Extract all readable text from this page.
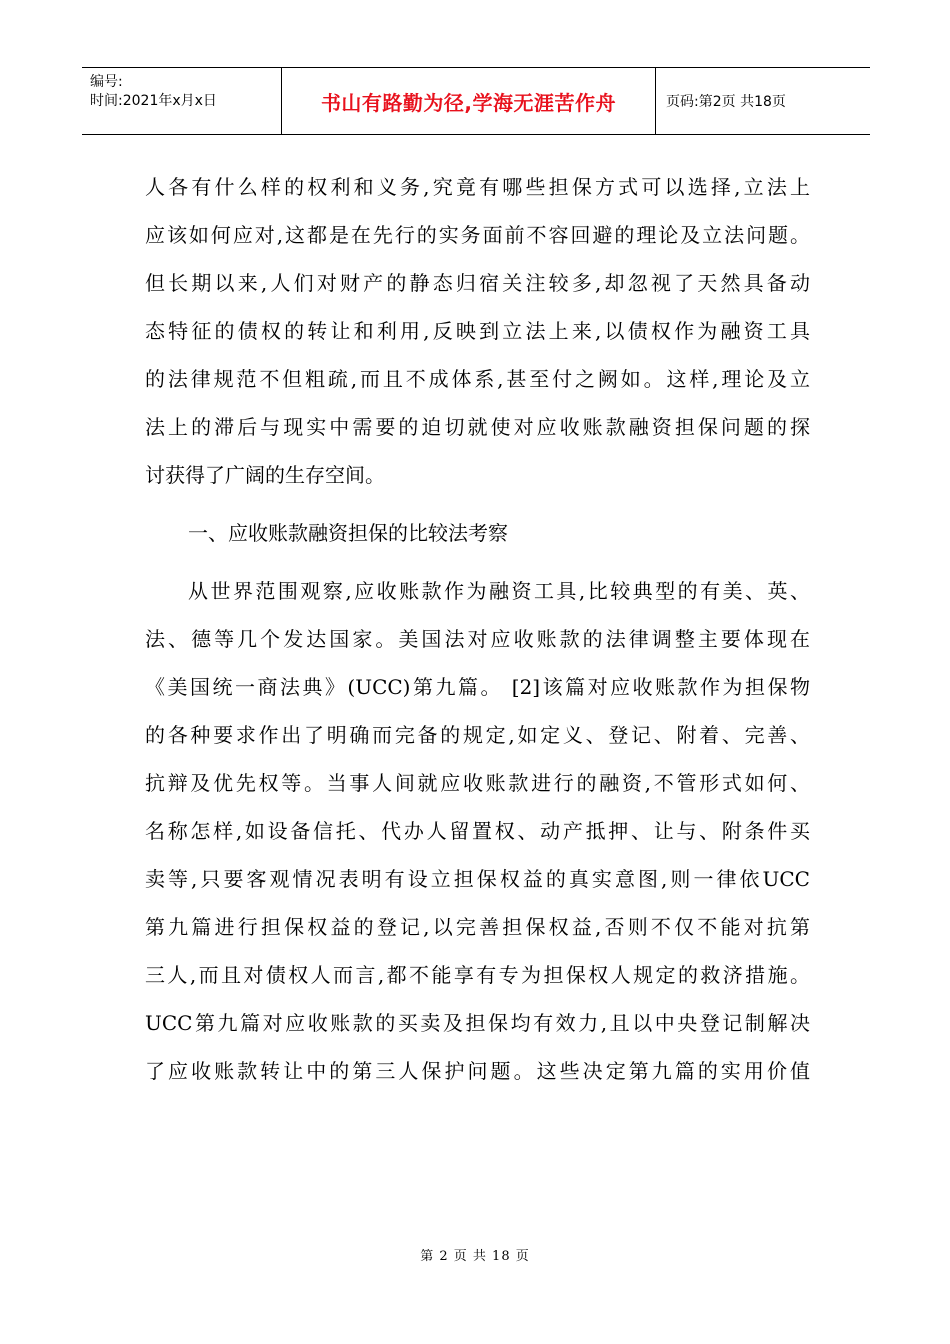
编号:
时间:2021年x月x日	书山有路勤为径,学海无涯苦作舟	页码:第2页 共18页
人各有什么样的权利和义务,究竟有哪些担保方式可以选择,立法上
应该如何应对,这都是在先行的实务面前不容回避的理论及立法问题。
但长期以来,人们对财产的静态归宿关注较多,却忽视了天然具备动
态特征的债权的转让和利用,反映到立法上来,以债权作为融资工具
的法律规范不但粗疏,而且不成体系,甚至付之阙如。这样,理论及立
法上的滞后与现实中需要的迫切就使对应收账款融资担保问题的探
讨获得了广阔的生存空间。
一、应收账款融资担保的比较法考察
从世界范围观察,应收账款作为融资工具,比较典型的有美、英、
法、德等几个发达国家。美国法对应收账款的法律调整主要体现在
《美国统一商法典》(UCC)第九篇。 [2]该篇对应收账款作为担保物
的各种要求作出了明确而完备的规定,如定义、登记、附着、完善、
抗辩及优先权等。当事人间就应收账款进行的融资,不管形式如何、
名称怎样,如设备信托、代办人留置权、动产抵押、让与、附条件买
卖等,只要客观情况表明有设立担保权益的真实意图,则一律依UCC
第九篇进行担保权益的登记,以完善担保权益,否则不仅不能对抗第
三人,而且对债权人而言,都不能享有专为担保权人规定的救济措施。
UCC第九篇对应收账款的买卖及担保均有效力,且以中央登记制解决
了应收账款转让中的第三人保护问题。这些决定第九篇的实用价值
第 2 页 共 18 页
